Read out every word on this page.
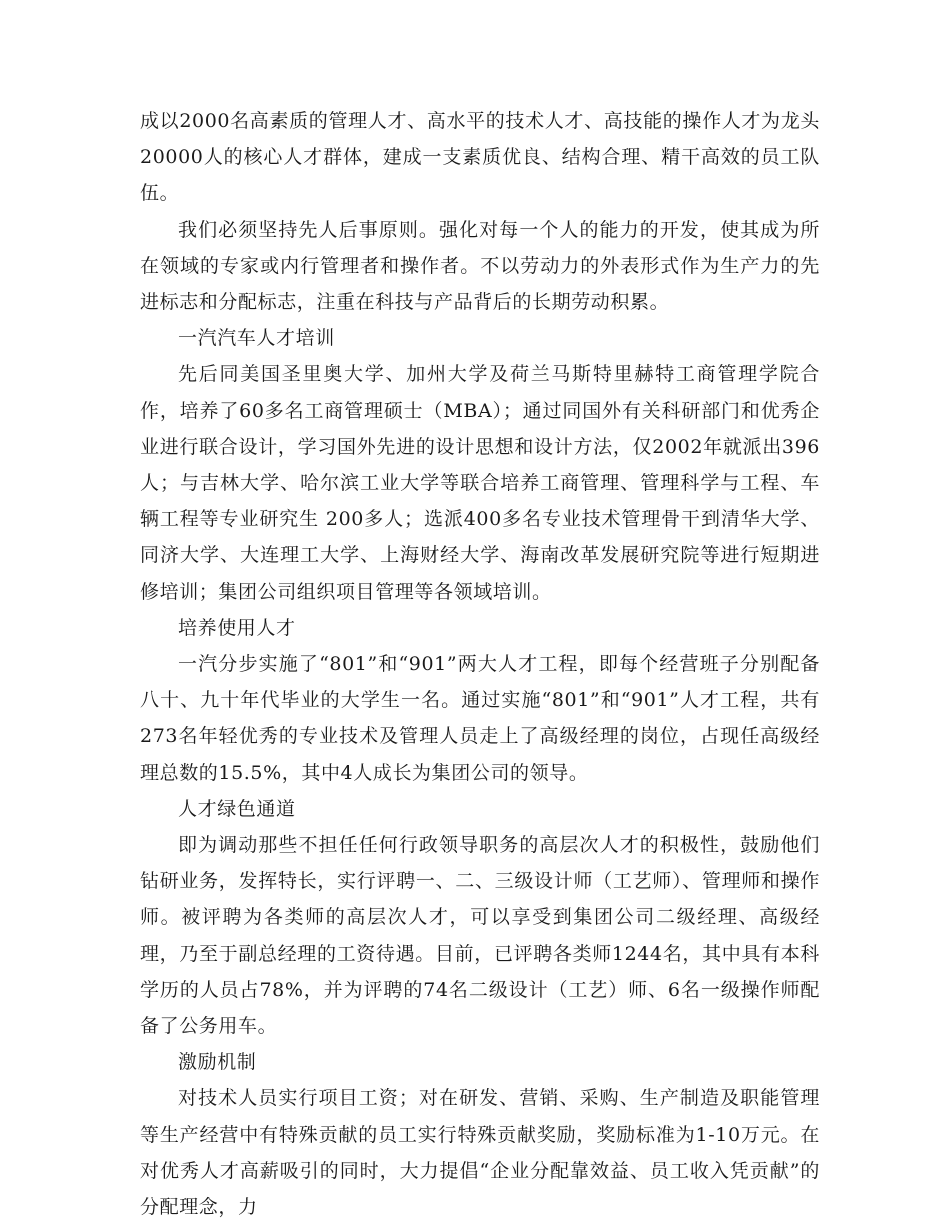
成以2000名高素质的管理人才、高水平的技术人才、高技能的操作人才为龙头20000人的核心人才群体，建成一支素质优良、结构合理、精干高效的员工队伍。

我们必须坚持先人后事原则。强化对每一个人的能力的开发，使其成为所在领域的专家或内行管理者和操作者。不以劳动力的外表形式作为生产力的先进标志和分配标志，注重在科技与产品背后的长期劳动积累。

一汽汽车人才培训

先后同美国圣里奥大学、加州大学及荷兰马斯特里赫特工商管理学院合作，培养了60多名工商管理硕士（MBA）；通过同国外有关科研部门和优秀企业进行联合设计，学习国外先进的设计思想和设计方法，仅2002年就派出396人；与吉林大学、哈尔滨工业大学等联合培养工商管理、管理科学与工程、车辆工程等专业研究生 200多人；选派400多名专业技术管理骨干到清华大学、同济大学、大连理工大学、上海财经大学、海南改革发展研究院等进行短期进修培训；集团公司组织项目管理等各领域培训。

培养使用人才

一汽分步实施了“801”和“901”两大人才工程，即每个经营班子分别配备八十、九十年代毕业的大学生一名。通过实施“801”和“901”人才工程，共有273名年轻优秀的专业技术及管理人员走上了高级经理的岗位，占现任高级经理总数的15.5%，其中4人成长为集团公司的领导。

人才绿色通道

即为调动那些不担任任何行政领导职务的高层次人才的积极性，鼓励他们钻研业务，发挥特长，实行评聘一、二、三级设计师（工艺师）、管理师和操作师。被评聘为各类师的高层次人才，可以享受到集团公司二级经理、高级经理，乃至于副总经理的工资待遇。目前，已评聘各类师1244名，其中具有本科学历的人员占78%，并为评聘的74名二级设计（工艺）师、6名一级操作师配备了公务用车。

激励机制

对技术人员实行项目工资；对在研发、营销、采购、生产制造及职能管理等生产经营中有特殊贡献的员工实行特殊贡献奖励，奖励标准为1-10万元。在对优秀人才高薪吸引的同时，大力提倡“企业分配靠效益、员工收入凭贡献”的分配理念，力
